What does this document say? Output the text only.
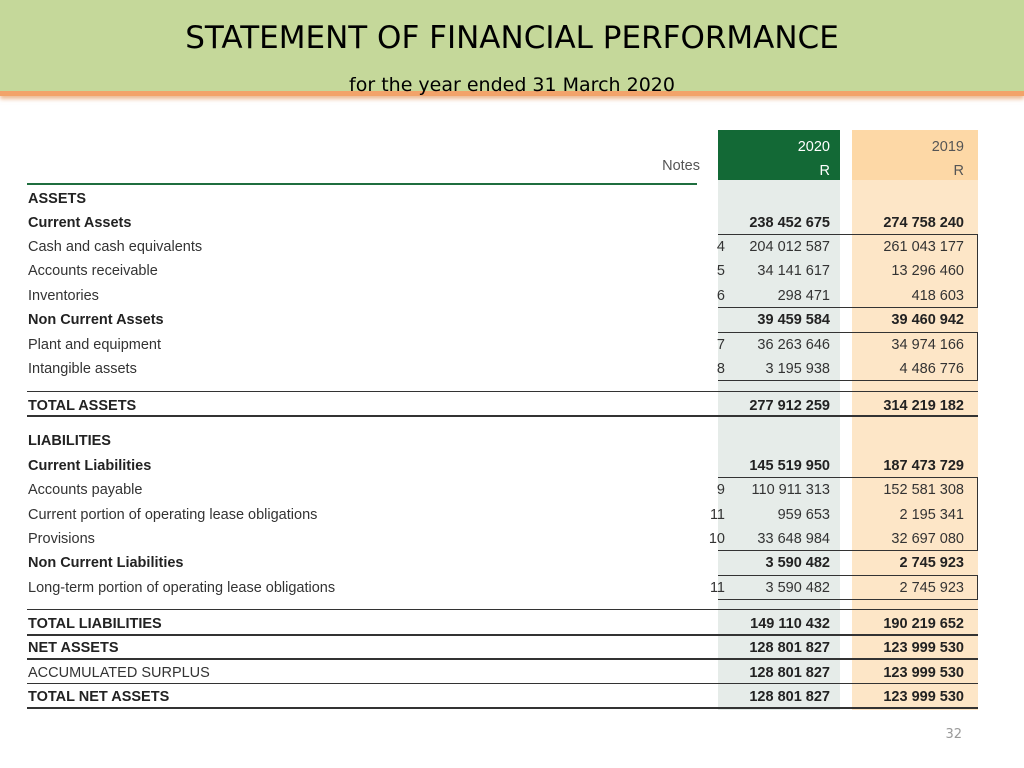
STATEMENT OF FINANCIAL PERFORMANCE
for the year ended 31 March 2020
2020
R
2019
R
Notes
ASSETS
Current Assets	238 452 675	274 758 240
Cash and cash equivalents	4	204 012 587	261 043 177
Accounts receivable	5	34 141 617	13 296 460
Inventories	6	298 471	418 603
Non Current Assets	39 459 584	39 460 942
Plant and equipment	7	36 263 646	34 974 166
Intangible assets	8	3 195 938	4 486 776
TOTAL ASSETS	277 912 259	314 219 182
LIABILITIES
Current Liabilities	145 519 950	187 473 729
Accounts payable	9	110 911 313	152 581 308
Current portion of operating lease obligations	11	959 653	2 195 341
Provisions	10	33 648 984	32 697 080
Non Current Liabilities	3 590 482	2 745 923
Long-term portion of operating lease obligations	11	3 590 482	2 745 923
TOTAL LIABILITIES	149 110 432	190 219 652
NET ASSETS	128 801 827	123 999 530
ACCUMULATED SURPLUS	128 801 827	123 999 530
TOTAL NET ASSETS	128 801 827	123 999 530
32
